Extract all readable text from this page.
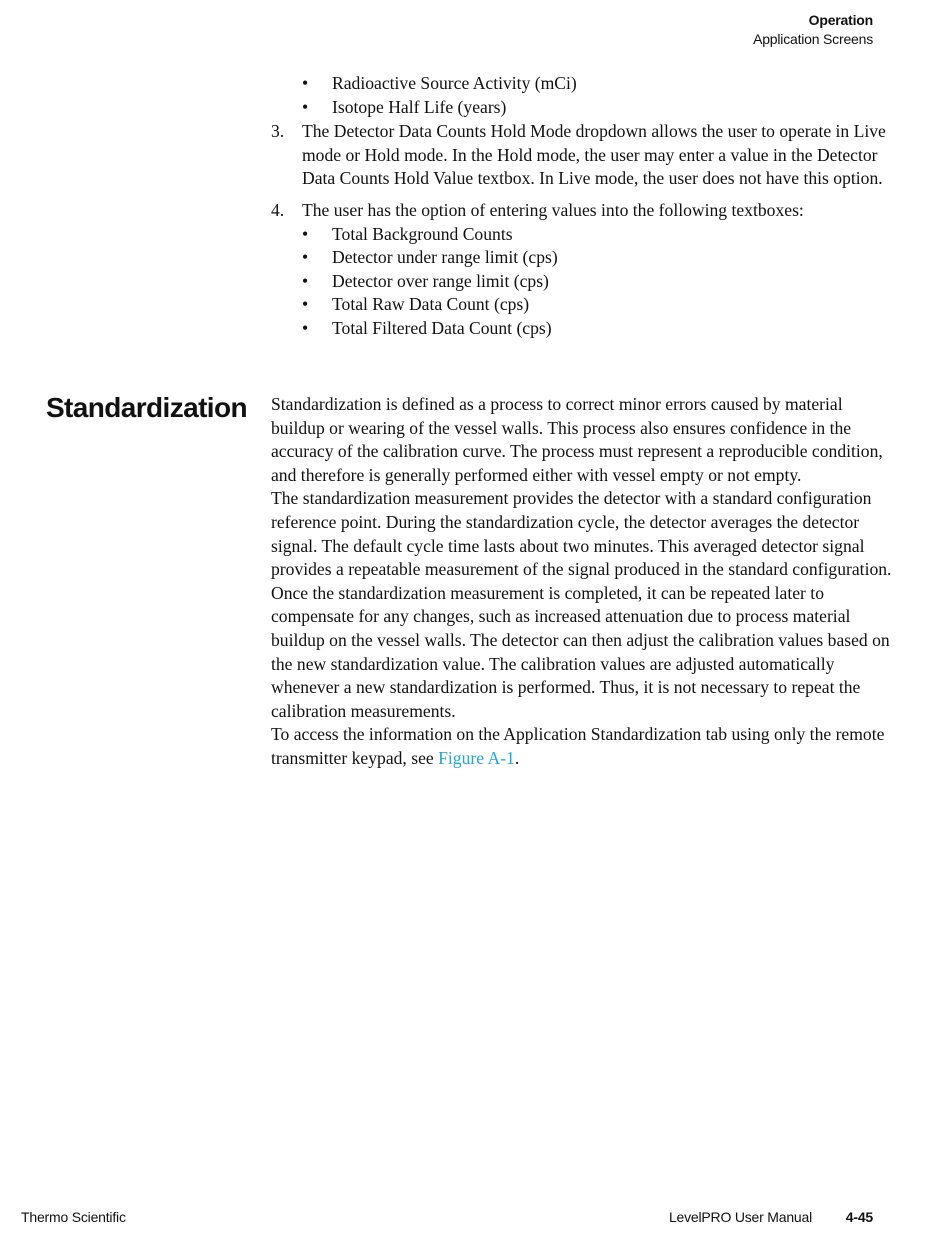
Operation
Application Screens
• Radioactive Source Activity (mCi)
• Isotope Half Life (years)
3. The Detector Data Counts Hold Mode dropdown allows the user to operate in Live mode or Hold mode. In the Hold mode, the user may enter a value in the Detector Data Counts Hold Value textbox. In Live mode, the user does not have this option.
4. The user has the option of entering values into the following textboxes:
• Total Background Counts
• Detector under range limit (cps)
• Detector over range limit (cps)
• Total Raw Data Count (cps)
• Total Filtered Data Count (cps)
Standardization Standardization is defined as a process to correct minor errors caused by material buildup or wearing of the vessel walls. This process also ensures confidence in the accuracy of the calibration curve. The process must represent a reproducible condition, and therefore is generally performed either with vessel empty or not empty.

The standardization measurement provides the detector with a standard configuration reference point. During the standardization cycle, the detector averages the detector signal. The default cycle time lasts about two minutes. This averaged detector signal provides a repeatable measurement of the signal produced in the standard configuration.

Once the standardization measurement is completed, it can be repeated later to compensate for any changes, such as increased attenuation due to process material buildup on the vessel walls. The detector can then adjust the calibration values based on the new standardization value. The calibration values are adjusted automatically whenever a new standardization is performed. Thus, it is not necessary to repeat the calibration measurements.

To access the information on the Application Standardization tab using only the remote transmitter keypad, see Figure A-1.

Thermo Scientific	LevelPRO User Manual 4-45
